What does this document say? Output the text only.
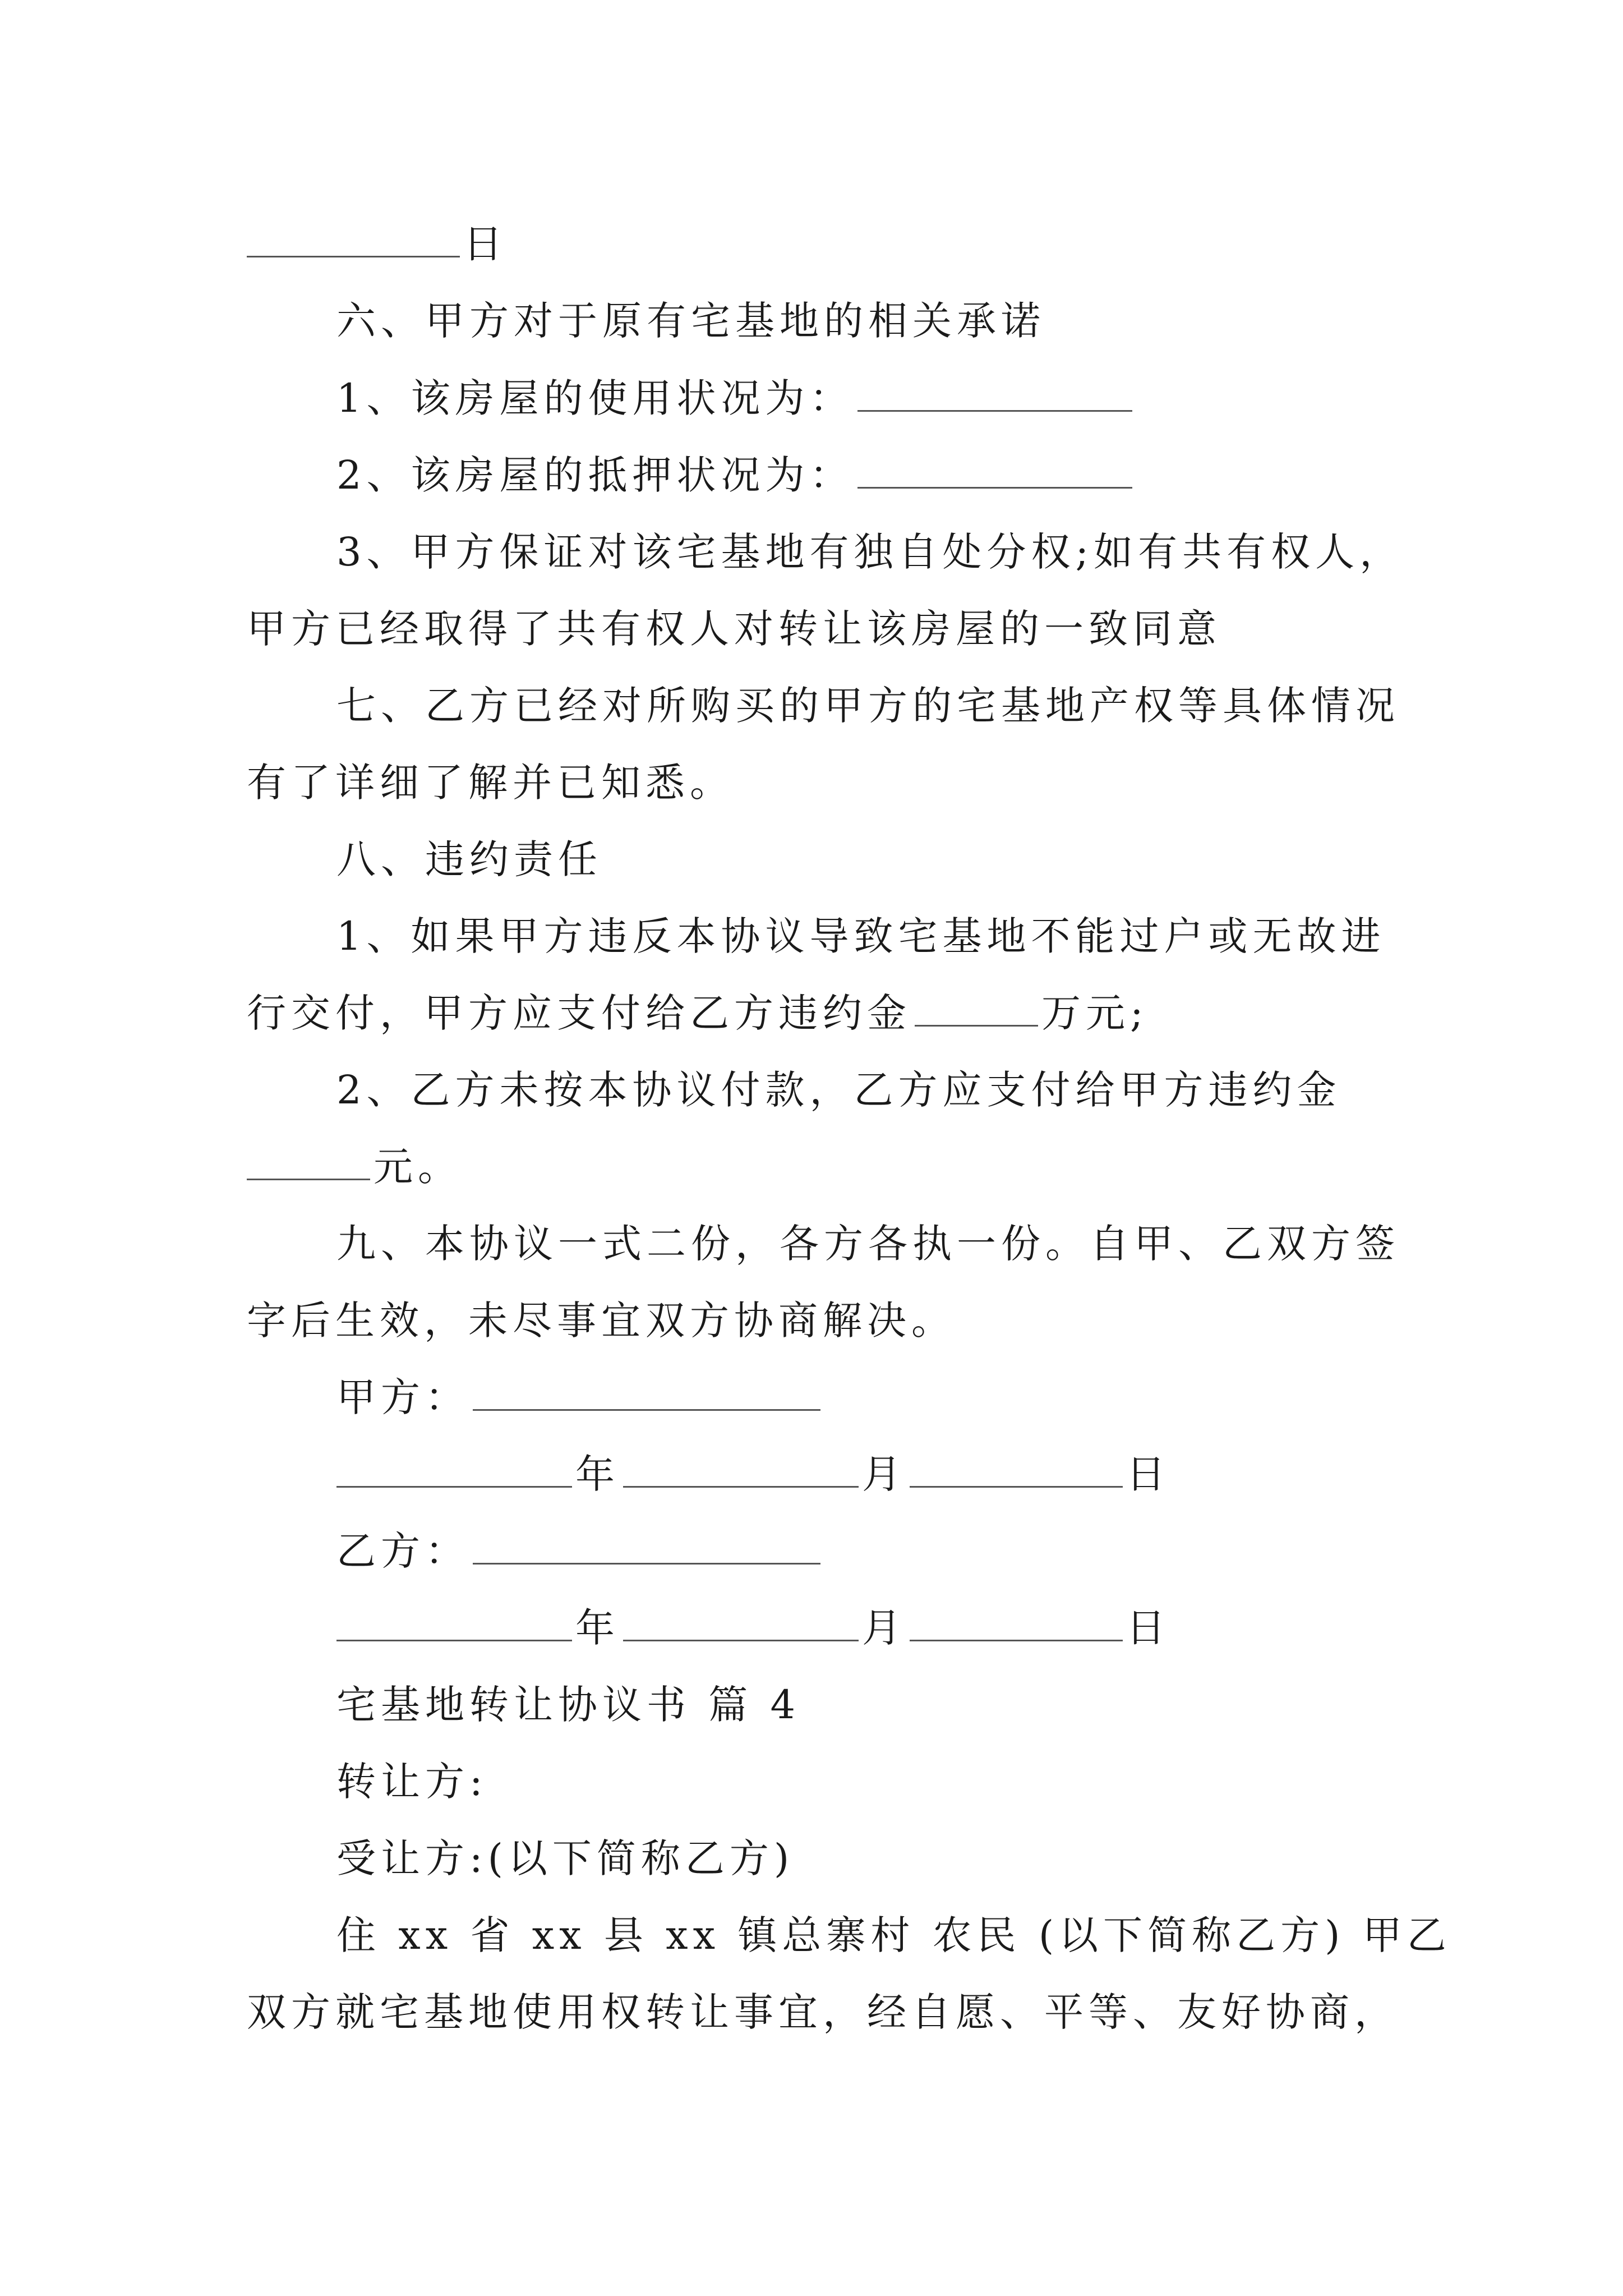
日
六、甲方对于原有宅基地的相关承诺
1、该房屋的使用状况为：
2、该房屋的抵押状况为：
3、甲方保证对该宅基地有独自处分权;如有共有权人，
甲方已经取得了共有权人对转让该房屋的一致同意
七、乙方已经对所购买的甲方的宅基地产权等具体情况
有了详细了解并已知悉。
八、违约责任
1、如果甲方违反本协议导致宅基地不能过户或无故进
行交付，甲方应支付给乙方违约金	万元;
2、乙方未按本协议付款，乙方应支付给甲方违约金
元。
九、本协议一式二份，各方各执一份。自甲、乙双方签
字后生效，未尽事宜双方协商解决。
甲方：
年	月	日
乙方：
年	月	日
宅基地转让协议书 篇 4
转让方:
受让方:(以下简称乙方)
住 xx 省 xx 县 xx 镇总寨村 农民 (以下简称乙方) 甲乙
双方就宅基地使用权转让事宜，经自愿、平等、友好协商，
